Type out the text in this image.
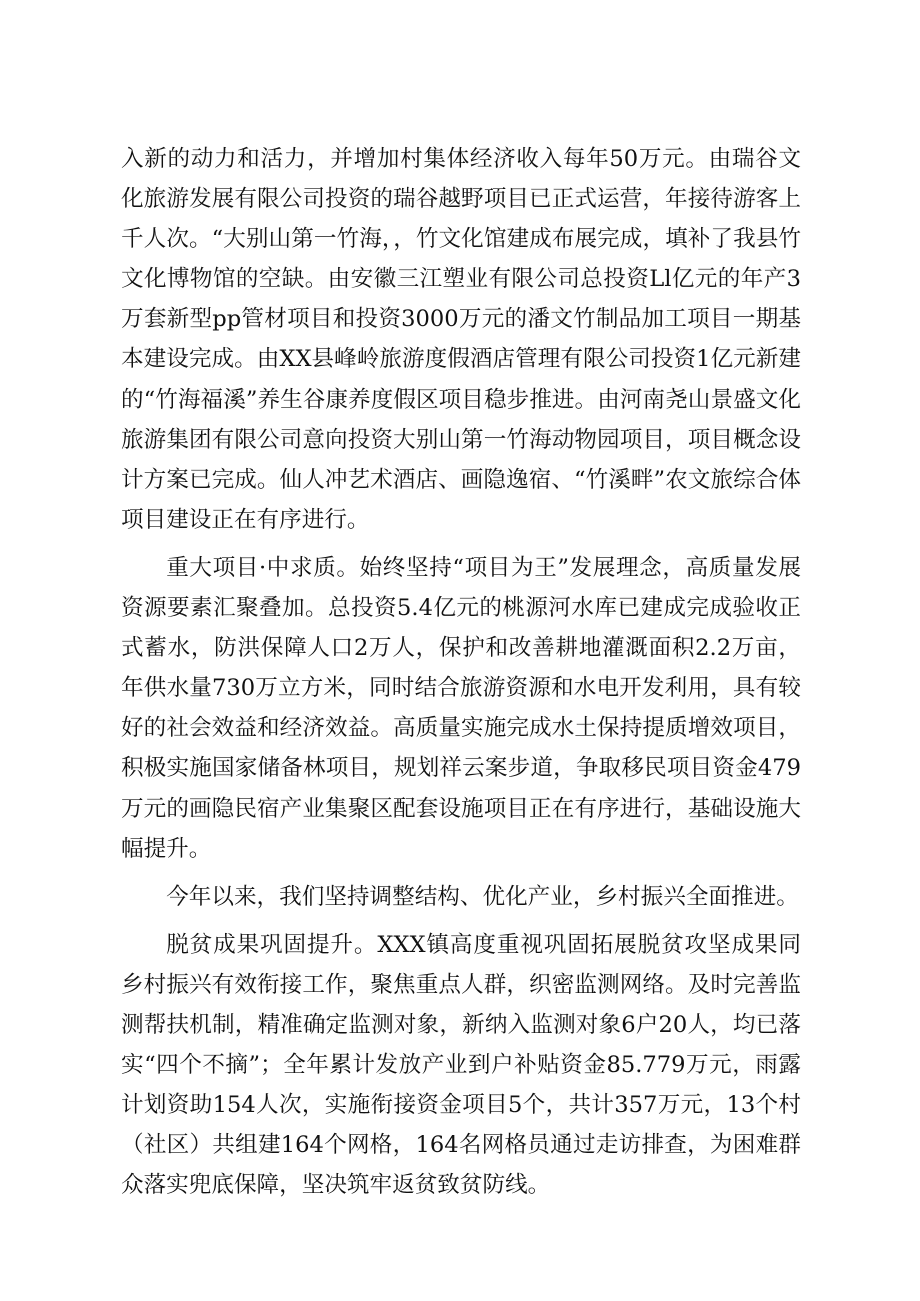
入新的动力和活力，并增加村集体经济收入每年50万元。由瑞谷文化旅游发展有限公司投资的瑞谷越野项目已正式运营，年接待游客上千人次。“大别山第一竹海，，竹文化馆建成布展完成，填补了我县竹文化博物馆的空缺。由安徽三江塑业有限公司总投资Ll亿元的年产3万套新型pp管材项目和投资3000万元的潘文竹制品加工项目一期基本建设完成。由XX县峰岭旅游度假酒店管理有限公司投资1亿元新建的“竹海福溪”养生谷康养度假区项目稳步推进。由河南尧山景盛文化旅游集团有限公司意向投资大别山第一竹海动物园项目，项目概念设计方案已完成。仙人冲艺术酒店、画隐逸宿、“竹溪畔”农文旅综合体项目建设正在有序进行。

重大项目·中求质。始终坚持“项目为王”发展理念，高质量发展资源要素汇聚叠加。总投资5.4亿元的桃源河水库已建成完成验收正式蓄水，防洪保障人口2万人，保护和改善耕地灌溉面积2.2万亩，年供水量730万立方米，同时结合旅游资源和水电开发利用，具有较好的社会效益和经济效益。高质量实施完成水土保持提质增效项目，积极实施国家储备林项目，规划祥云案步道，争取移民项目资金479万元的画隐民宿产业集聚区配套设施项目正在有序进行，基础设施大幅提升。

今年以来，我们坚持调整结构、优化产业，乡村振兴全面推进。

脱贫成果巩固提升。XXX镇高度重视巩固拓展脱贫攻坚成果同乡村振兴有效衔接工作，聚焦重点人群，织密监测网络。及时完善监测帮扶机制，精准确定监测对象，新纳入监测对象6户20人，均已落实“四个不摘”；全年累计发放产业到户补贴资金85.779万元，雨露计划资助154人次，实施衔接资金项目5个，共计357万元，13个村（社区）共组建164个网格，164名网格员通过走访排查，为困难群众落实兜底保障，坚决筑牢返贫致贫防线。
